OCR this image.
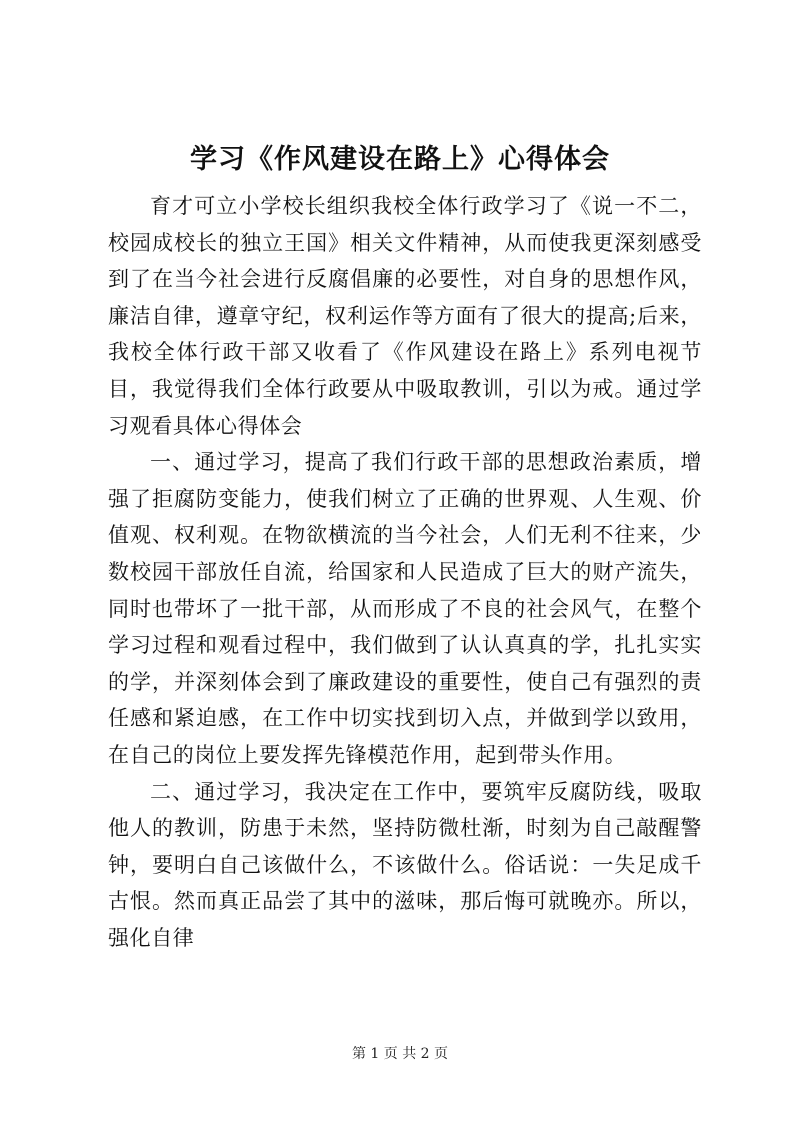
学习《作风建设在路上》心得体会

育才可立小学校长组织我校全体行政学习了《说一不二，校园成校长的独立王国》相关文件精神，从而使我更深刻感受到了在当今社会进行反腐倡廉的必要性，对自身的思想作风，廉洁自律，遵章守纪，权利运作等方面有了很大的提高;后来，我校全体行政干部又收看了《作风建设在路上》系列电视节目，我觉得我们全体行政要从中吸取教训，引以为戒。通过学习观看具体心得体会

一、通过学习，提高了我们行政干部的思想政治素质，增强了拒腐防变能力，使我们树立了正确的世界观、人生观、价值观、权利观。在物欲横流的当今社会，人们无利不往来，少数校园干部放任自流，给国家和人民造成了巨大的财产流失，同时也带坏了一批干部，从而形成了不良的社会风气，在整个学习过程和观看过程中，我们做到了认认真真的学，扎扎实实的学，并深刻体会到了廉政建设的重要性，使自己有强烈的责任感和紧迫感，在工作中切实找到切入点，并做到学以致用，在自己的岗位上要发挥先锋模范作用，起到带头作用。

二、通过学习，我决定在工作中，要筑牢反腐防线，吸取他人的教训，防患于未然，坚持防微杜渐，时刻为自己敲醒警钟，要明白自己该做什么，不该做什么。俗话说：一失足成千古恨。然而真正品尝了其中的滋味，那后悔可就晚亦。所以，强化自律

第 1 页 共 2 页
